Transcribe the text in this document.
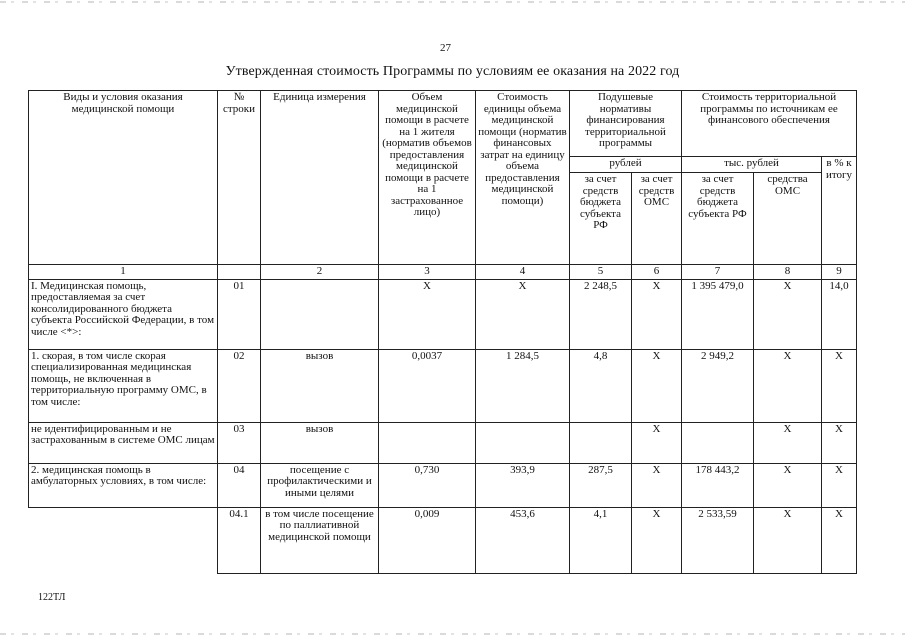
27
Утвержденная стоимость Программы по условиям ее оказания на 2022 год
Виды и условия оказания медицинской помощи	№ строки	Единица измерения	Объем медицинской помощи в расчете на 1 жителя (норматив объемов предоставления медицинской помощи в расчете на 1 застрахованное лицо)	Стоимость единицы объема медицинской помощи (норматив финансовых затрат на единицу объема предоставления медицинской помощи)	Подушевые нормативы финансирования территориальной программы		Стоимость территориальной программы по источникам ее финансового обеспечения		
					рублей		тыс. рублей		в % к итогу
					за счет средств бюджета субъекта РФ	за счет средств ОМС	за счет средств бюджета субъекта РФ	средства ОМС	
1		2	3	4	5	6	7	8	9
I. Медицинская помощь, предоставляемая за счет консолидированного бюджета субъекта Российской Федерации, в том числе <*>:	01		X	X	2 248,5	X	1 395 479,0	X	14,0
1. скорая, в том числе скорая специализированная медицинская помощь, не включенная в территориальную программу ОМС, в том числе:	02	вызов	0,0037	1 284,5	4,8	X	2 949,2	X	X
не идентифицированным и не застрахованным в системе ОМС лицам	03	вызов				X		X	X
2. медицинская помощь в амбулаторных условиях, в том числе:	04	посещение с профилактическими и иными целями	0,730	393,9	287,5	X	178 443,2	X	X
	04.1	в том числе посещение по паллиативной медицинской помощи	0,009	453,6	4,1	X	2 533,59	X	X
122ТЛ
